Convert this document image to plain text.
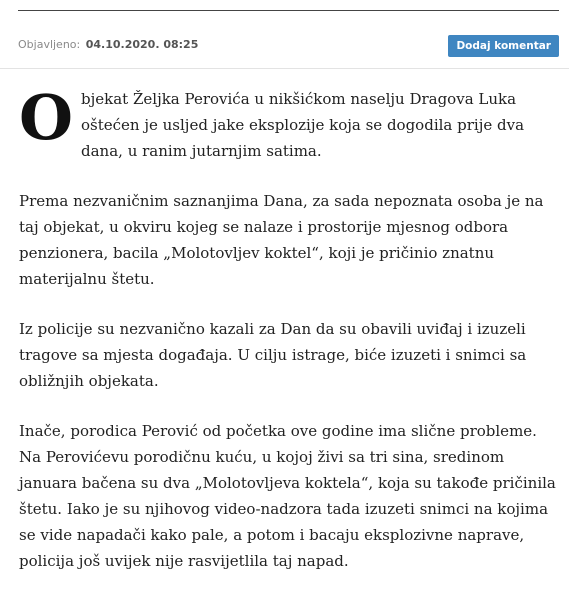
Objavljeno: 04.10.2020. 08:25	Dodaj komentar

Objekat Željka Perovića u nikšićkom naselju Dragova Luka oštećen je usljed jake eksplozije koja se dogodila prije dva dana, u ranim jutarnjim satima.

Prema nezvaničnim saznanjima Dana, za sada nepoznata osoba je na taj objekat, u okviru kojeg se nalaze i prostorije mjesnog odbora penzionera, bacila „Molotovljev koktel“, koji je pričinio znatnu materijalnu štetu.

Iz policije su nezvanično kazali za Dan da su obavili uviđaj i izuzeli tragove sa mjesta događaja. U cilju istrage, biće izuzeti i snimci sa obližnjih objekata.

Inače, porodica Perović od početka ove godine ima slične probleme. Na Perovićevu porodičnu kuću, u kojoj živi sa tri sina, sredinom januara bačena su dva „Molotovljeva koktela“, koja su takođe pričinila štetu. Iako je su njihovog video-nadzora tada izuzeti snimci na kojima se vide napadači kako pale, a potom i bacaju eksplozivne naprave, policija još uvijek nije rasvijetlila taj napad.
